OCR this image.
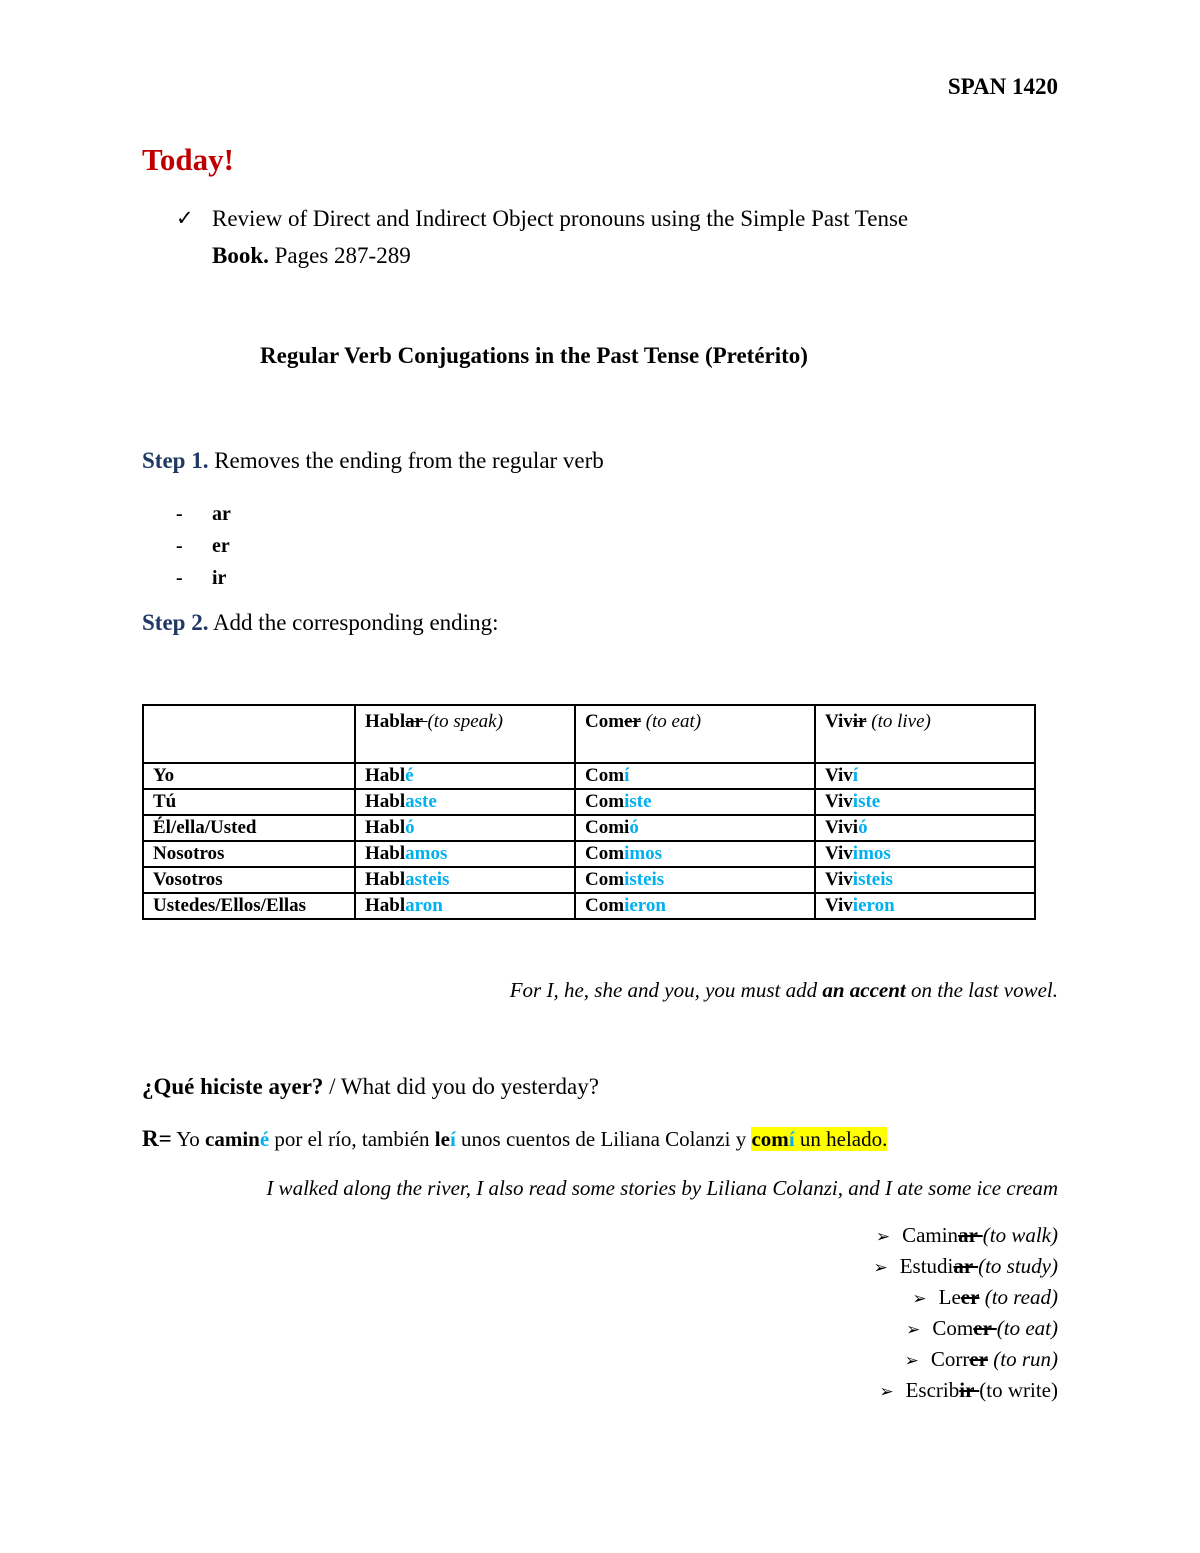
SPAN 1420
Today!
✓ Review of Direct and Indirect Object pronouns using the Simple Past Tense
Book. Pages 287-289
Regular Verb Conjugations in the Past Tense (Pretérito)
Step 1. Removes the ending from the regular verb
- ar
- er
- ir
Step 2. Add the corresponding ending:
	Hablar (to speak)	Comer (to eat)	Vivir (to live)
Yo	Hablé	Comí	Viví
Tú	Hablaste	Comiste	Viviste
Él/ella/Usted	Habló	Comió	Vivió
Nosotros	Hablamos	Comimos	Vivimos
Vosotros	Hablasteis	Comisteis	Vivisteis
Ustedes/Ellos/Ellas	Hablaron	Comieron	Vivieron
For I, he, she and you, you must add an accent on the last vowel.
¿Qué hiciste ayer? / What did you do yesterday?
R= Yo caminé por el río, también leí unos cuentos de Liliana Colanzi y comí un helado.
I walked along the river, I also read some stories by Liliana Colanzi, and I ate some ice cream
➢ Caminar (to walk)
➢ Estudiar (to study)
➢ Leer (to read)
➢ Comer (to eat)
➢ Correr (to run)
➢ Escribir (to write)
